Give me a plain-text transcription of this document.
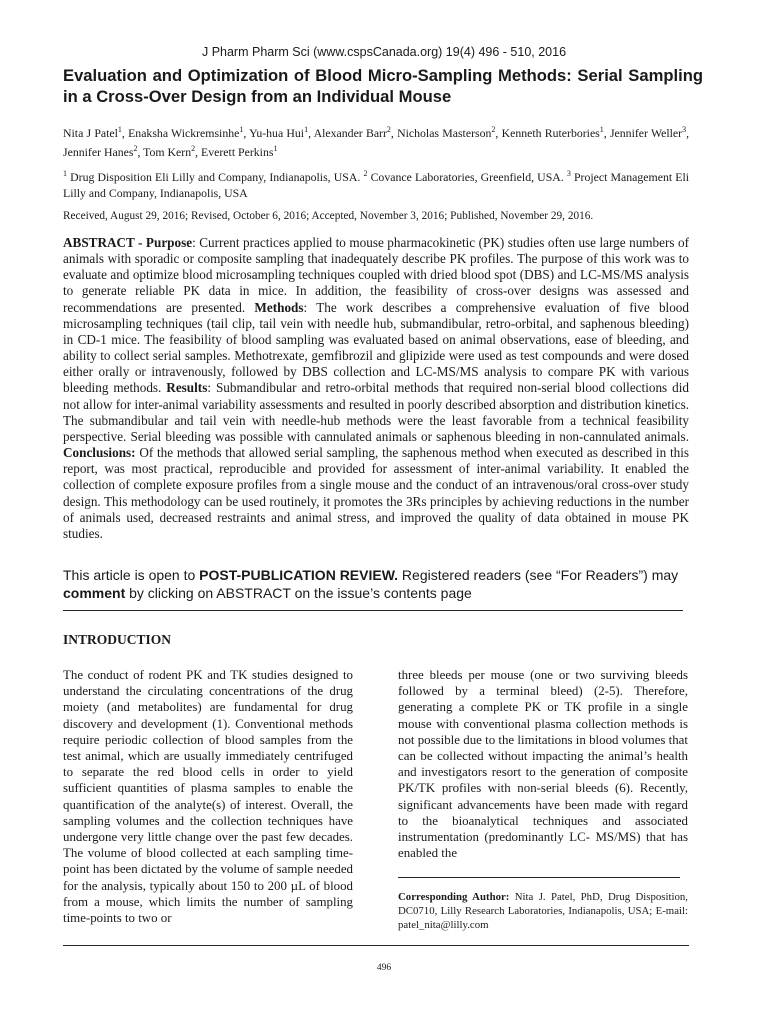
J Pharm Pharm Sci (www.cspsCanada.org) 19(4) 496 - 510, 2016
Evaluation and Optimization of Blood Micro-Sampling Methods: Serial Sampling in a Cross-Over Design from an Individual Mouse
Nita J Patel$^1$, Enaksha Wickremsinhe$^1$, Yu-hua Hui$^1$, Alexander Barr$^2$, Nicholas Masterson$^2$, Kenneth Ruterbories$^1$, Jennifer Weller$^3$, Jennifer Hanes$^2$, Tom Kern$^2$, Everett Perkins$^1$
$^1$ Drug Disposition Eli Lilly and Company, Indianapolis, USA. $^2$ Covance Laboratories, Greenfield, USA. $^3$ Project Management Eli Lilly and Company, Indianapolis, USA
Received, August 29, 2016; Revised, October 6, 2016; Accepted, November 3, 2016; Published, November 29, 2016.
ABSTRACT - Purpose: Current practices applied to mouse pharmacokinetic (PK) studies often use large numbers of animals with sporadic or composite sampling that inadequately describe PK profiles. The purpose of this work was to evaluate and optimize blood microsampling techniques coupled with dried blood spot (DBS) and LC-MS/MS analysis to generate reliable PK data in mice. In addition, the feasibility of cross-over designs was assessed and recommendations are presented. Methods: The work describes a comprehensive evaluation of five blood microsampling techniques (tail clip, tail vein with needle hub, submandibular, retro-orbital, and saphenous bleeding) in CD-1 mice. The feasibility of blood sampling was evaluated based on animal observations, ease of bleeding, and ability to collect serial samples. Methotrexate, gemfibrozil and glipizide were used as test compounds and were dosed either orally or intravenously, followed by DBS collection and LC-MS/MS analysis to compare PK with various bleeding methods. Results: Submandibular and retro-orbital methods that required non-serial blood collections did not allow for inter-animal variability assessments and resulted in poorly described absorption and distribution kinetics. The submandibular and tail vein with needle-hub methods were the least favorable from a technical feasibility perspective. Serial bleeding was possible with cannulated animals or saphenous bleeding in non-cannulated animals. Conclusions: Of the methods that allowed serial sampling, the saphenous method when executed as described in this report, was most practical, reproducible and provided for assessment of inter-animal variability. It enabled the collection of complete exposure profiles from a single mouse and the conduct of an intravenous/oral cross-over study design. This methodology can be used routinely, it promotes the 3Rs principles by achieving reductions in the number of animals used, decreased restraints and animal stress, and improved the quality of data obtained in mouse PK studies.
This article is open to POST-PUBLICATION REVIEW. Registered readers (see “For Readers”) may comment by clicking on ABSTRACT on the issue’s contents page
INTRODUCTION
The conduct of rodent PK and TK studies designed to understand the circulating concentrations of the drug moiety (and metabolites) are fundamental for drug discovery and development (1). Conventional methods require periodic collection of blood samples from the test animal, which are usually immediately centrifuged to separate the red blood cells in order to yield sufficient quantities of plasma samples to enable the quantification of the analyte(s) of interest. Overall, the sampling volumes and the collection techniques have undergone very little change over the past few decades. The volume of blood collected at each sampling time-point has been dictated by the volume of sample needed for the analysis, typically about 150 to 200 µL of blood from a mouse, which limits the number of sampling time-points to two or
three bleeds per mouse (one or two surviving bleeds followed by a terminal bleed) (2-5). Therefore, generating a complete PK or TK profile in a single mouse with conventional plasma collection methods is not possible due to the limitations in blood volumes that can be collected without impacting the animal’s health and investigators resort to the generation of composite PK/TK profiles with non-serial bleeds (6). Recently, significant advancements have been made with regard to the bioanalytical techniques and associated instrumentation (predominantly LC- MS/MS) that has enabled the
Corresponding Author: Nita J. Patel, PhD, Drug Disposition, DC0710, Lilly Research Laboratories, Indianapolis, USA; E-mail: patel_nita@lilly.com
496
